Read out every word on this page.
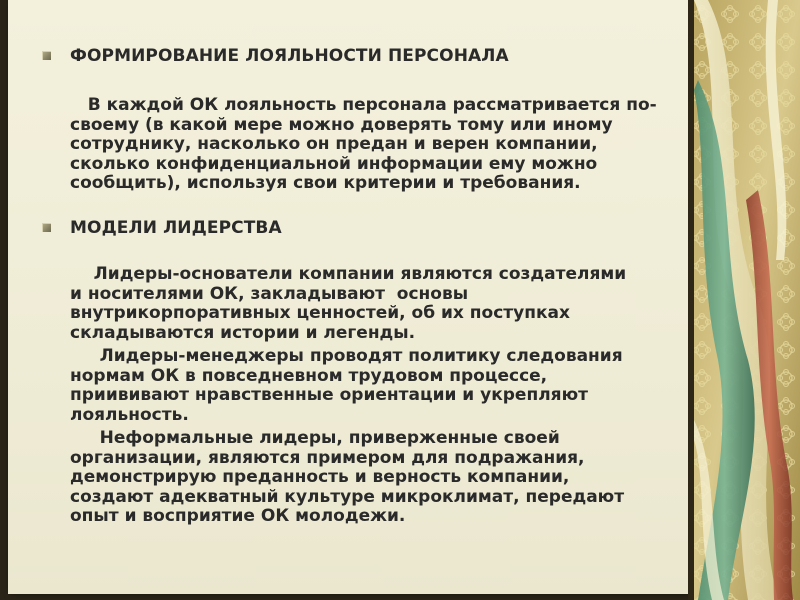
ФОРМИРОВАНИЕ ЛОЯЛЬНОСТИ ПЕРСОНАЛА
В каждой ОК лояльность персонала рассматривается по-
своему (в какой мере можно доверять тому или иному
сотруднику, насколько он предан и верен компании,
сколько конфиденциальной информации ему можно
сообщить), используя свои критерии и требования.
МОДЕЛИ ЛИДЕРСТВА
Лидеры-основатели компании являются создателями
и носителями ОК, закладывают  основы
внутрикорпоративных ценностей, об их поступках
складываются истории и легенды.
Лидеры-менеджеры проводят политику следования
нормам ОК в повседневном трудовом процессе,
приививают нравственные ориентации и укрепляют
лояльность.
Неформальные лидеры, приверженные своей
организации, являются примером для подражания,
демонстрирую преданность и верность компании,
создают адекватный культуре микроклимат, передают
опыт и восприятие ОК молодежи.
